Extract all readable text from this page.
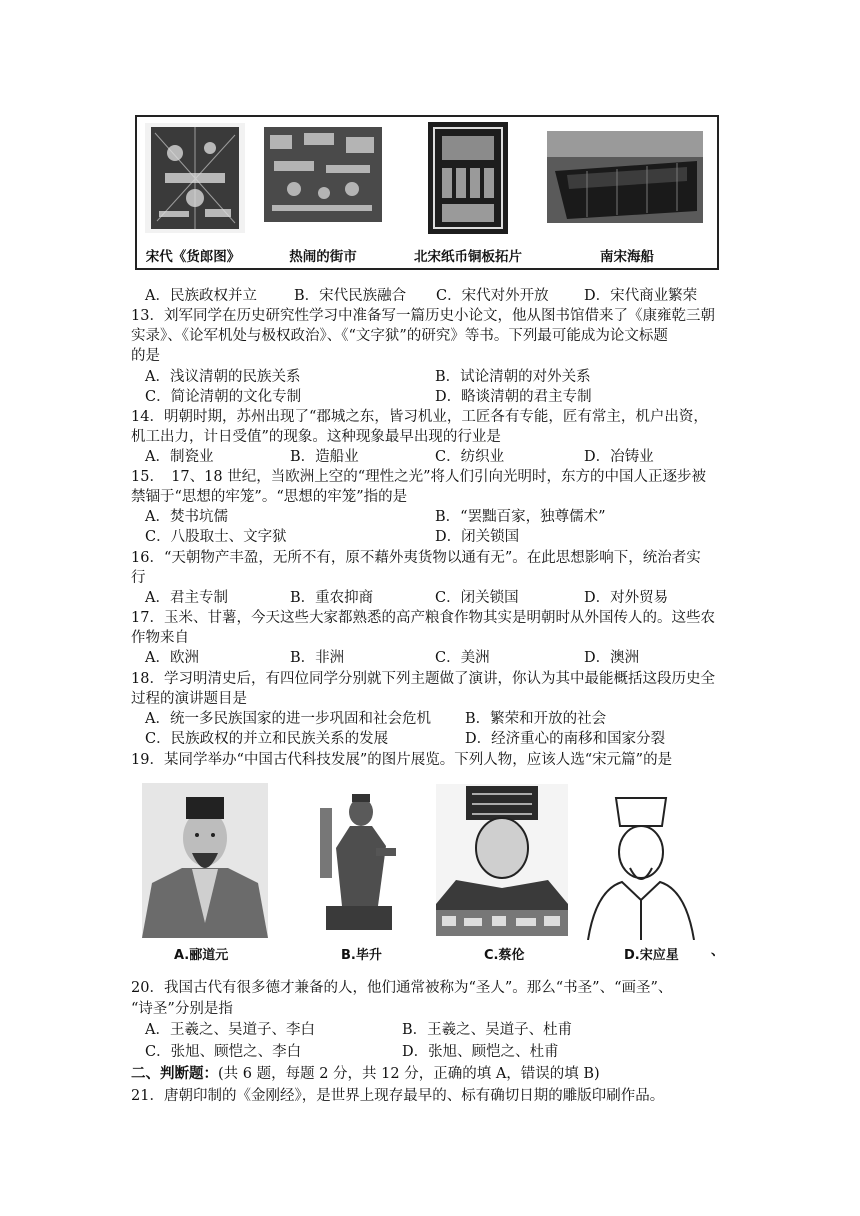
宋代《货郎图》	热闹的街市	北宋纸币铜板拓片	南宋海船
A．民族政权并立	B．宋代民族融合 C．宋代对外开放 D．宋代商业繁荣
13．刘军同学在历史研究性学习中准备写一篇历史小论文，他从图书馆借来了《康雍乾三朝
实录》、《论军机处与极权政治》、《“文字狱”的研究》等书。下列最可能成为论文标题
的是
A．浅议清朝的民族关系	B．试论清朝的对外关系
C．简论清朝的文化专制	D．略谈清朝的君主专制
14．明朝时期，苏州出现了“郡城之东，皆习机业，工匠各有专能，匠有常主，机户出资，
机工出力，计日受值”的现象。这种现象最早出现的行业是
A．制瓷业	B．造船业	C．纺织业	D．冶铸业
15．　17、18 世纪，当欧洲上空的“理性之光”将人们引向光明时，东方的中国人正逐步被
禁锢于“思想的牢笼”。“思想的牢笼”指的是
A．焚书坑儒	B．“罢黜百家，独尊儒术”
C．八股取士、文字狱	D．闭关锁国
16．“天朝物产丰盈，无所不有，原不藉外夷货物以通有无”。在此思想影响下，统治者实
行
A．君主专制	B．重农抑商	C．闭关锁国	D．对外贸易
17．玉米、甘薯，今天这些大家都熟悉的高产粮食作物其实是明朝时从外国传人的。这些农
作物来自
A．欧洲	B．非洲	C．美洲	D．澳洲
18．学习明清史后，有四位同学分别就下列主题做了演讲，你认为其中最能概括这段历史全
过程的演讲题目是
A．统一多民族国家的进一步巩固和社会危机 B．繁荣和开放的社会
C．民族政权的并立和民族关系的发展	D．经济重心的南移和国家分裂
19．某同学举办“中国古代科技发展”的图片展览。下列人物，应该人选“宋元篇”的是
A.郦道元	B.毕升	C.蔡伦	D.宋应星 、
20．我国古代有很多德才兼备的人，他们通常被称为“圣人”。那么“书圣”、“画圣”、
“诗圣”分别是指
A．王羲之、吴道子、李白	B．王羲之、吴道子、杜甫
C．张旭、顾恺之、李白	D．张旭、顾恺之、杜甫
二、判断题：(共 6 题，每题 2 分，共 12 分，正确的填 A，错误的填 B)
21．唐朝印制的《金刚经》，是世界上现存最早的、标有确切日期的雕版印刷作品。
